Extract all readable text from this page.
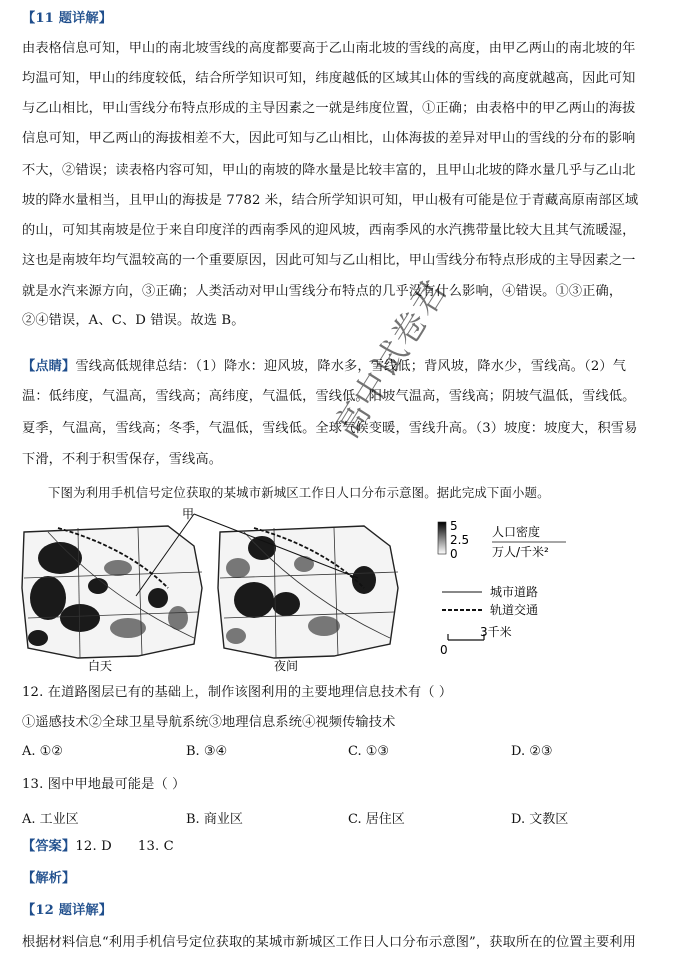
【11 题详解】
由表格信息可知，甲山的南北坡雪线的高度都要高于乙山南北坡的雪线的高度，由甲乙两山的南北坡的年
均温可知，甲山的纬度较低，结合所学知识可知，纬度越低的区域其山体的雪线的高度就越高，因此可知
与乙山相比，甲山雪线分布特点形成的主导因素之一就是纬度位置，①正确；由表格中的甲乙两山的海拔
信息可知，甲乙两山的海拔相差不大，因此可知与乙山相比，山体海拔的差异对甲山的雪线的分布的影响
不大，②错误；读表格内容可知，甲山的南坡的降水量是比较丰富的，且甲山北坡的降水量几乎与乙山北
坡的降水量相当，且甲山的海拔是 7782 米，结合所学知识可知，甲山极有可能是位于青藏高原南部区域
的山，可知其南坡是位于来自印度洋的西南季风的迎风坡，西南季风的水汽携带量比较大且其气流暖湿，
这也是南坡年均气温较高的一个重要原因，因此可知与乙山相比，甲山雪线分布特点形成的主导因素之一
就是水汽来源方向，③正确；人类活动对甲山雪线分布特点的几乎没有什么影响，④错误。①③正确，
②④错误，A、C、D 错误。故选 B。
【点睛】雪线高低规律总结：（1）降水：迎风坡，降水多，雪线低；背风坡，降水少，雪线高。（2）气
温：低纬度，气温高，雪线高；高纬度，气温低，雪线低。阳坡气温高，雪线高；阴坡气温低，雪线低。
夏季，气温高，雪线高；冬季，气温低，雪线低。全球气候变暖，雪线升高。（3）坡度：坡度大，积雪易
下滑，不利于积雪保存，雪线高。
下图为利用手机信号定位获取的某城市新城区工作日人口分布示意图。据此完成下面小题。
白天	夜间
甲
5
2.5
0
人口密度
万人/千米²
城市道路
轨道交通
0
3千米
12. 在道路图层已有的基础上，制作该图利用的主要地理信息技术有（ ）
①遥感技术②全球卫星导航系统③地理信息系统④视频传输技术
A. ①②	B. ③④	C. ①③	D. ②③
13. 图中甲地最可能是（ ）
A. 工业区	B. 商业区	C. 居住区	D. 文教区
【答案】12. D      13. C
【解析】
【12 题详解】
根据材料信息“利用手机信号定位获取的某城市新城区工作日人口分布示意图”，获取所在的位置主要利用
高中试卷君
